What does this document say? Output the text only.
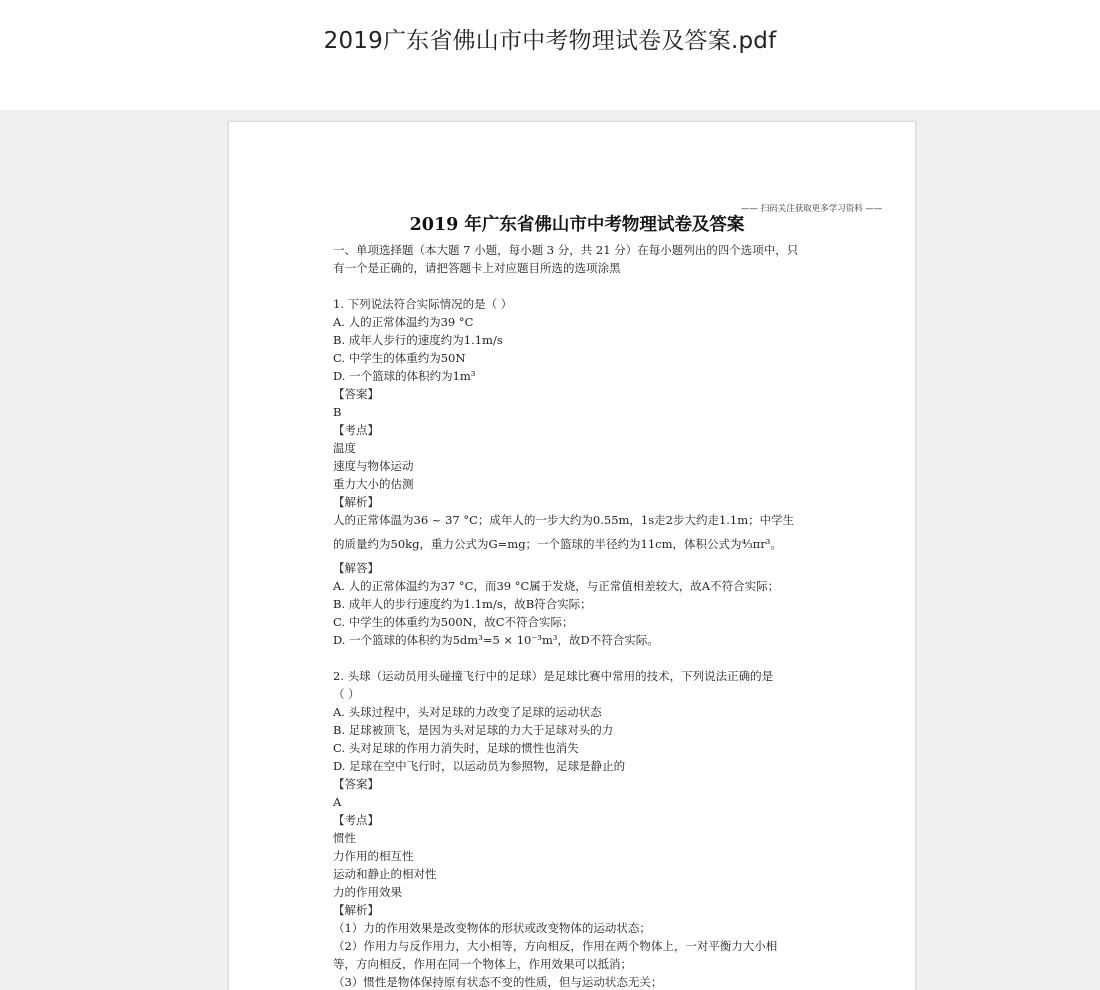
2019广东省佛山市中考物理试卷及答案.pdf
—— 扫码关注获取更多学习资料 ——
2019 年广东省佛山市中考物理试卷及答案
一、单项选择题（本大题 7 小题，每小题 3 分，共 21 分）在每小题列出的四个选项中，只
有一个是正确的，请把答题卡上对应题目所选的选项涂黑
1. 下列说法符合实际情况的是（ ）
A. 人的正常体温约为39 °C
B. 成年人步行的速度约为1.1m/s
C. 中学生的体重约为50N
D. 一个篮球的体积约为1m³
【答案】
B
【考点】
温度
速度与物体运动
重力大小的估测
【解析】
人的正常体温为36 ~ 37 °C；成年人的一步大约为0.55m，1s走2步大约走1.1m；中学生
的质量约为50kg，重力公式为G=mg；一个篮球的半径约为11cm，体积公式为⁴⁄₃πr³。
【解答】
A. 人的正常体温约为37 °C，而39 °C属于发烧，与正常值相差较大，故A不符合实际；
B. 成年人的步行速度约为1.1m/s，故B符合实际；
C. 中学生的体重约为500N，故C不符合实际；
D. 一个篮球的体积约为5dm³=5 × 10⁻³m³，故D不符合实际。
2. 头球（运动员用头碰撞飞行中的足球）是足球比赛中常用的技术，下列说法正确的是
（ ）
A. 头球过程中，头对足球的力改变了足球的运动状态
B. 足球被顶飞，是因为头对足球的力大于足球对头的力
C. 头对足球的作用力消失时，足球的惯性也消失
D. 足球在空中飞行时，以运动员为参照物，足球是静止的
【答案】
A
【考点】
惯性
力作用的相互性
运动和静止的相对性
力的作用效果
【解析】
（1）力的作用效果是改变物体的形状或改变物体的运动状态；
（2）作用力与反作用力，大小相等，方向相反，作用在两个物体上，一对平衡力大小相
等，方向相反，作用在同一个物体上，作用效果可以抵消；
（3）惯性是物体保持原有状态不变的性质，但与运动状态无关；
